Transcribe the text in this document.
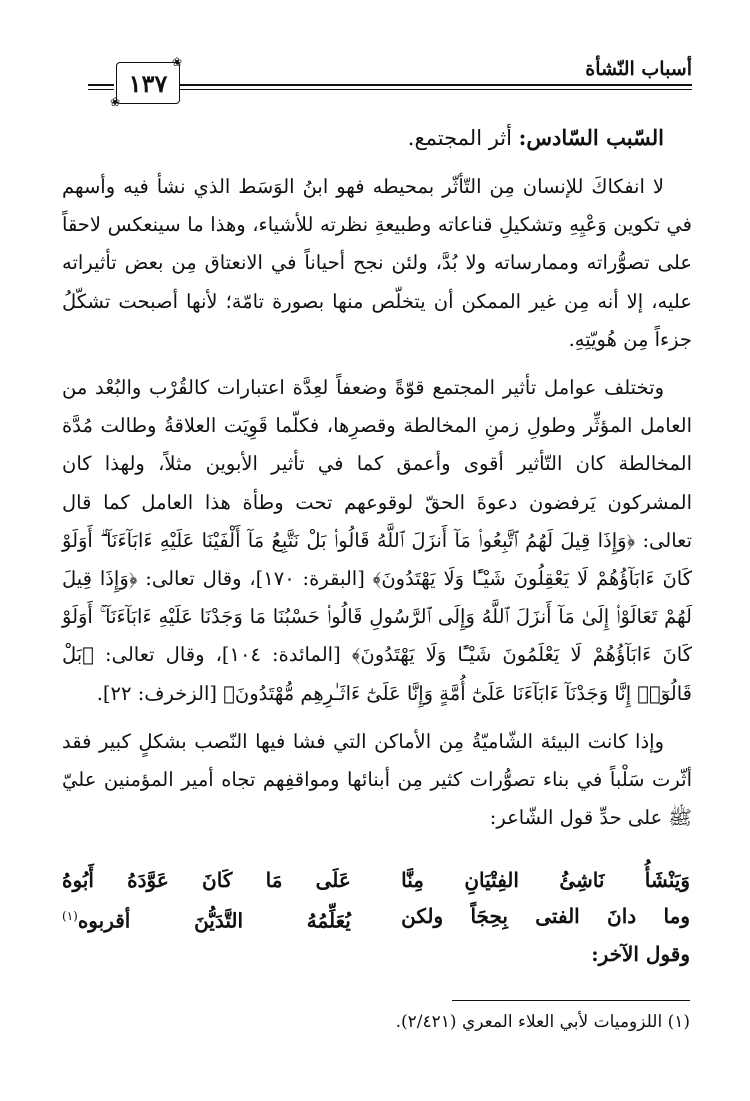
أسباب النّشأة
١٣٧
❀
❀
السّبب السّادس: أثر المجتمع.

لا انفكاكَ للإنسان مِن التّأثّر بمحيطه فهو ابنُ الوَسَط الذي نشأ فيه وأسهم في تكوين وَعْيِهِ وتشكيلِ قناعاته وطبيعةِ نظرته للأشياء، وهذا ما سينعكس لاحقاً على تصوُّراته وممارساته ولا بُدَّ، ولئن نجح أحياناً في الانعتاق مِن بعض تأثيراته عليه، إلا أنه مِن غير الممكن أن يتخلّص منها بصورة تامّة؛ لأنها أصبحت تشكّلُ جزءاً مِن هُويّتِهِ.

وتختلف عوامل تأثير المجتمع قوّةً وضعفاً لعِدَّة اعتبارات كالقُرْب والبُعْد من العامل المؤثِّر وطولِ زمنِ المخالطة وقصرِها، فكلّما قَوِيَت العلاقةُ وطالت مُدَّة المخالطة كان التّأثير أقوى وأعمق كما في تأثير الأبوين مثلاً، ولهذا كان المشركون يَرفضون دعوةَ الحقّ لوقوعهم تحت وطأة هذا العامل كما قال تعالى: ﴿وَإِذَا قِيلَ لَهُمُ ٱتَّبِعُوا۟ مَآ أَنزَلَ ٱللَّهُ قَالُوا۟ بَلْ نَتَّبِعُ مَآ أَلْفَيْنَا عَلَيْهِ ءَابَآءَنَآ ۗ أَوَلَوْ كَانَ ءَابَآؤُهُمْ لَا يَعْقِلُونَ شَيْـًٔا وَلَا يَهْتَدُونَ﴾ [البقرة: ١٧٠]، وقال تعالى: ﴿وَإِذَا قِيلَ لَهُمْ تَعَالَوْا۟ إِلَىٰ مَآ أَنزَلَ ٱللَّهُ وَإِلَى ٱلرَّسُولِ قَالُوا۟ حَسْبُنَا مَا وَجَدْنَا عَلَيْهِ ءَابَآءَنَآ ۚ أَوَلَوْ كَانَ ءَابَآؤُهُمْ لَا يَعْلَمُونَ شَيْـًٔا وَلَا يَهْتَدُونَ﴾ [المائدة: ١٠٤]، وقال تعالى: ﴿بَلْ قَالُوٓا۟ إِنَّا وَجَدْنَآ ءَابَآءَنَا عَلَىٰٓ أُمَّةٍ وَإِنَّا عَلَىٰٓ ءَاثَـٰرِهِم مُّهْتَدُونَ﴾ [الزخرف: ٢٢].

وإذا كانت البيئة الشّاميّةُ مِن الأماكن التي فشا فيها النّصب بشكلٍ كبير فقد أثّرت سَلْباً في بناء تصوُّرات كثير مِن أبنائها ومواقفِهم تجاه أمير المؤمنين عليّ ﷺ على حدِّ قول الشّاعر:

وَيَنْشَأُ نَاشِئُ الفِتْيَانِ مِنَّا
عَلَى مَا كَانَ عَوَّدَهُ أَبُوهُ
وما دانَ الفتى بِحِجَاً ولكن
يُعَلِّمُهُ التَّدَيُّنَ أقربوه$^{(١)}$
وقول الآخر:
(١) اللزوميات لأبي العلاء المعري (٢/٤٢١).
